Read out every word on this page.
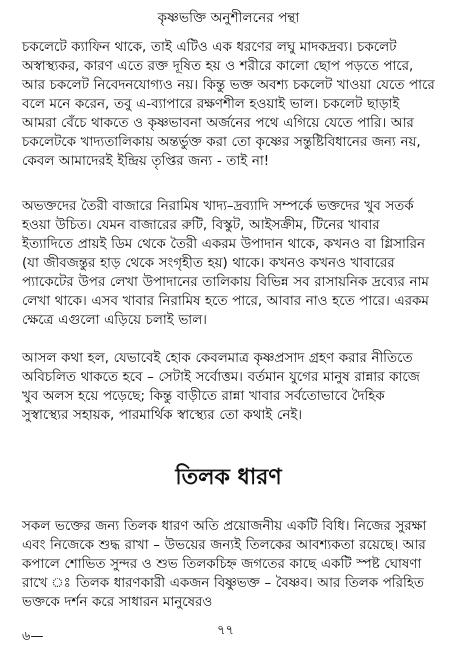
কৃষ্ণভক্তি অনুশীলনের পন্থা

চকলেটে ক্যাফিন থাকে, তাই এটিও এক ধরণের লঘু মাদকদ্রব্য। চকলেট অস্বাস্থ্যকর, কারণ এতে রক্ত দূষিত হয় ও শরীরে কালো ছোপ পড়তে পারে, আর চকলেট নিবেদনযোগ্যও নয়। কিন্তু ভক্ত অবশ্য চকলেট খাওয়া যেতে পারে বলে মনে করেন, তবু এ-ব্যাপারে রক্ষণশীল হওয়াই ভাল। চকলেট ছাড়াই আমরা বেঁচে থাকতে ও কৃষ্ণভাবনা অর্জনের পথে এগিয়ে যেতে পারি। আর চকলেটকে খাদ্যতালিকায় অন্তর্ভুক্ত করা তো কৃষ্ণের সন্তুষ্টিবিধানের জন্য নয়, কেবল আমাদেরই ইন্দ্রিয় তৃপ্তির জন্য - তাই না!

অভক্তদের তৈরী বাজারে নিরামিষ খাদ্য–দ্রব্যাদি সম্পর্কে ভক্তদের খুব সতর্ক হওয়া উচিত। যেমন বাজারের রুটি, বিস্কুট, আইসক্রীম, টিনের খাবার ইত্যাদিতে প্রায়ই ডিম থেকে তৈরী একরম উপাদান থাকে, কখনও বা গ্লিসারিন (যা জীবজন্তুর হাড় থেকে সংগৃহীত হয়) থাকে। কখনও কখনও খাবারের প্যাকেটের উপর লেখা উপাদানের তালিকায় বিভিন্ন সব রাসায়নিক দ্রব্যের নাম লেখা থাকে। এসব খাবার নিরামিষ হতে পারে, আবার নাও হতে পারে। এরকম ক্ষেত্রে এগুলো এড়িয়ে চলাই ভাল।

আসল কথা হল, যেভাবেই হোক কেবলমাত্র কৃষ্ণপ্রসাদ গ্রহণ করার নীতিতে অবিচলিত থাকতে হবে – সেটাই সর্বোত্তম। বর্তমান যুগের মানুষ রান্নার কাজে খুব অলস হয়ে পড়েছে; কিন্তু বাড়ীতে রান্না খাবার সর্বতোভাবে দৈহিক সুস্বাস্থ্যের সহায়ক, পারমার্থিক স্বাস্থ্যের তো কথাই নেই।

তিলক ধারণ

সকল ভক্তের জন্য তিলক ধারণ অতি প্রয়োজনীয় একটি বিধি। নিজের সুরক্ষা এবং নিজেকে শুদ্ধ রাখা – উভয়ের জন্যই তিলকের আবশ্যকতা রয়েছে। আর কপালে শোভিত সুন্দর ও শুভ তিলকচিহ্ন জগতের কাছে একটি স্পষ্ট ঘোষণা রাখে ঃ তিলক ধারণকারী একজন বিষ্ণুভক্ত – বৈষ্ণব। আর তিলক পরিহিত ভক্তকে দর্শন করে সাধারন মানুষেরও

৬—	৭৭
